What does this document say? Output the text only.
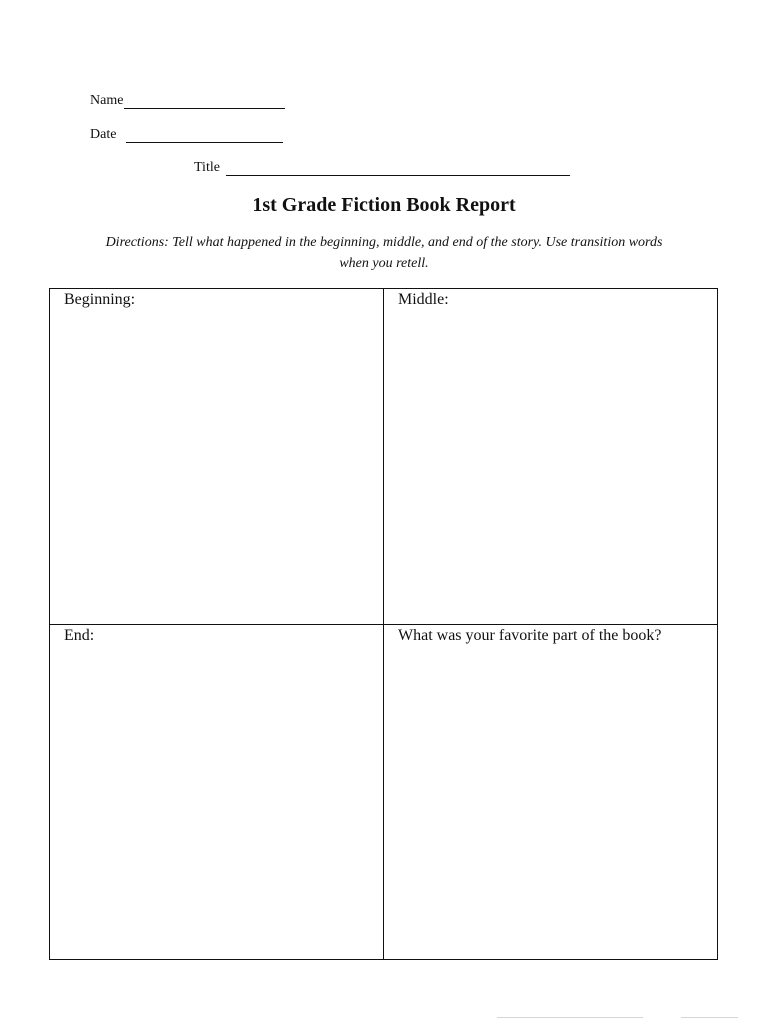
Name
Date
Title
1st Grade Fiction Book Report
Directions: Tell what happened in the beginning, middle, and end of the story. Use transition words when you retell.
Beginning:	Middle:
End:	What was your favorite part of the book?
